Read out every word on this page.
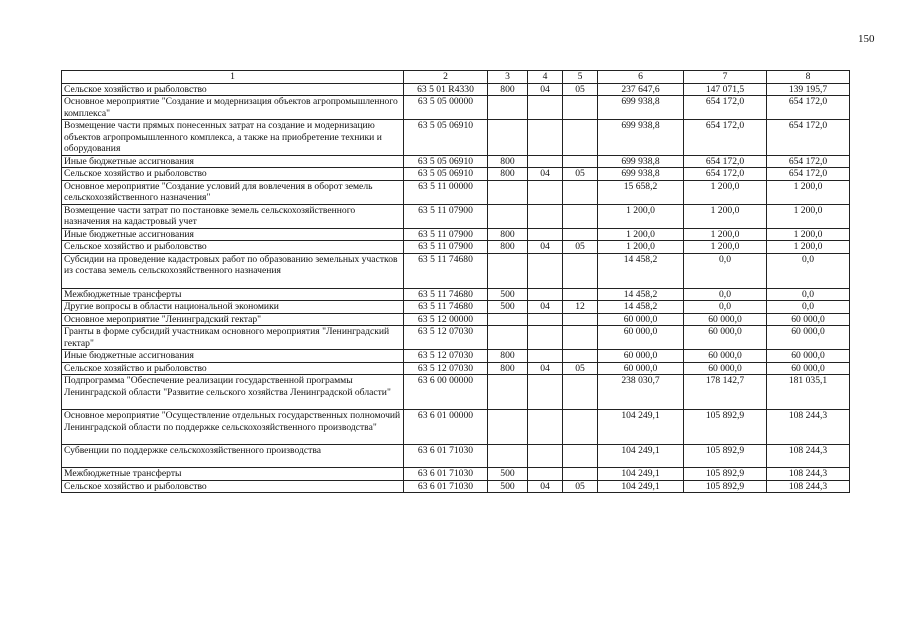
150
1	2	3	4	5	6	7	8
Сельское хозяйство и рыболовство	63 5 01 R4330	800	04	05	237 647,6	147 071,5	139 195,7
Основное мероприятие "Создание и модернизация объектов агропромышленного комплекса"	63 5 05 00000				699 938,8	654 172,0	654 172,0
Возмещение части прямых понесенных затрат на создание и модернизацию объектов агропромышленного комплекса, а также на приобретение техники и оборудования	63 5 05 06910				699 938,8	654 172,0	654 172,0
Иные бюджетные ассигнования	63 5 05 06910	800			699 938,8	654 172,0	654 172,0
Сельское хозяйство и рыболовство	63 5 05 06910	800	04	05	699 938,8	654 172,0	654 172,0
Основное мероприятие "Создание условий для вовлечения в оборот земель сельскохозяйственного назначения"	63 5 11 00000				15 658,2	1 200,0	1 200,0
Возмещение части затрат по постановке земель сельскохозяйственного назначения на кадастровый учет	63 5 11 07900				1 200,0	1 200,0	1 200,0
Иные бюджетные ассигнования	63 5 11 07900	800			1 200,0	1 200,0	1 200,0
Сельское хозяйство и рыболовство	63 5 11 07900	800	04	05	1 200,0	1 200,0	1 200,0
Субсидии на проведение кадастровых работ по образованию земельных участков из состава земель сельскохозяйственного назначения	63 5 11 74680				14 458,2	0,0	0,0
Межбюджетные трансферты	63 5 11 74680	500			14 458,2	0,0	0,0
Другие вопросы в области национальной экономики	63 5 11 74680	500	04	12	14 458,2	0,0	0,0
Основное мероприятие "Ленинградский гектар"	63 5 12 00000				60 000,0	60 000,0	60 000,0
Гранты в форме субсидий участникам основного мероприятия "Ленинградский гектар"	63 5 12 07030				60 000,0	60 000,0	60 000,0
Иные бюджетные ассигнования	63 5 12 07030	800			60 000,0	60 000,0	60 000,0
Сельское хозяйство и рыболовство	63 5 12 07030	800	04	05	60 000,0	60 000,0	60 000,0
Подпрограмма "Обеспечение реализации государственной программы Ленинградской области "Развитие сельского хозяйства Ленинградской области"	63 6 00 00000				238 030,7	178 142,7	181 035,1
Основное мероприятие "Осуществление отдельных государственных полномочий Ленинградской области по поддержке сельскохозяйственного производства"	63 6 01 00000				104 249,1	105 892,9	108 244,3
Субвенции по поддержке сельскохозяйственного производства	63 6 01 71030				104 249,1	105 892,9	108 244,3
Межбюджетные трансферты	63 6 01 71030	500			104 249,1	105 892,9	108 244,3
Сельское хозяйство и рыболовство	63 6 01 71030	500	04	05	104 249,1	105 892,9	108 244,3
